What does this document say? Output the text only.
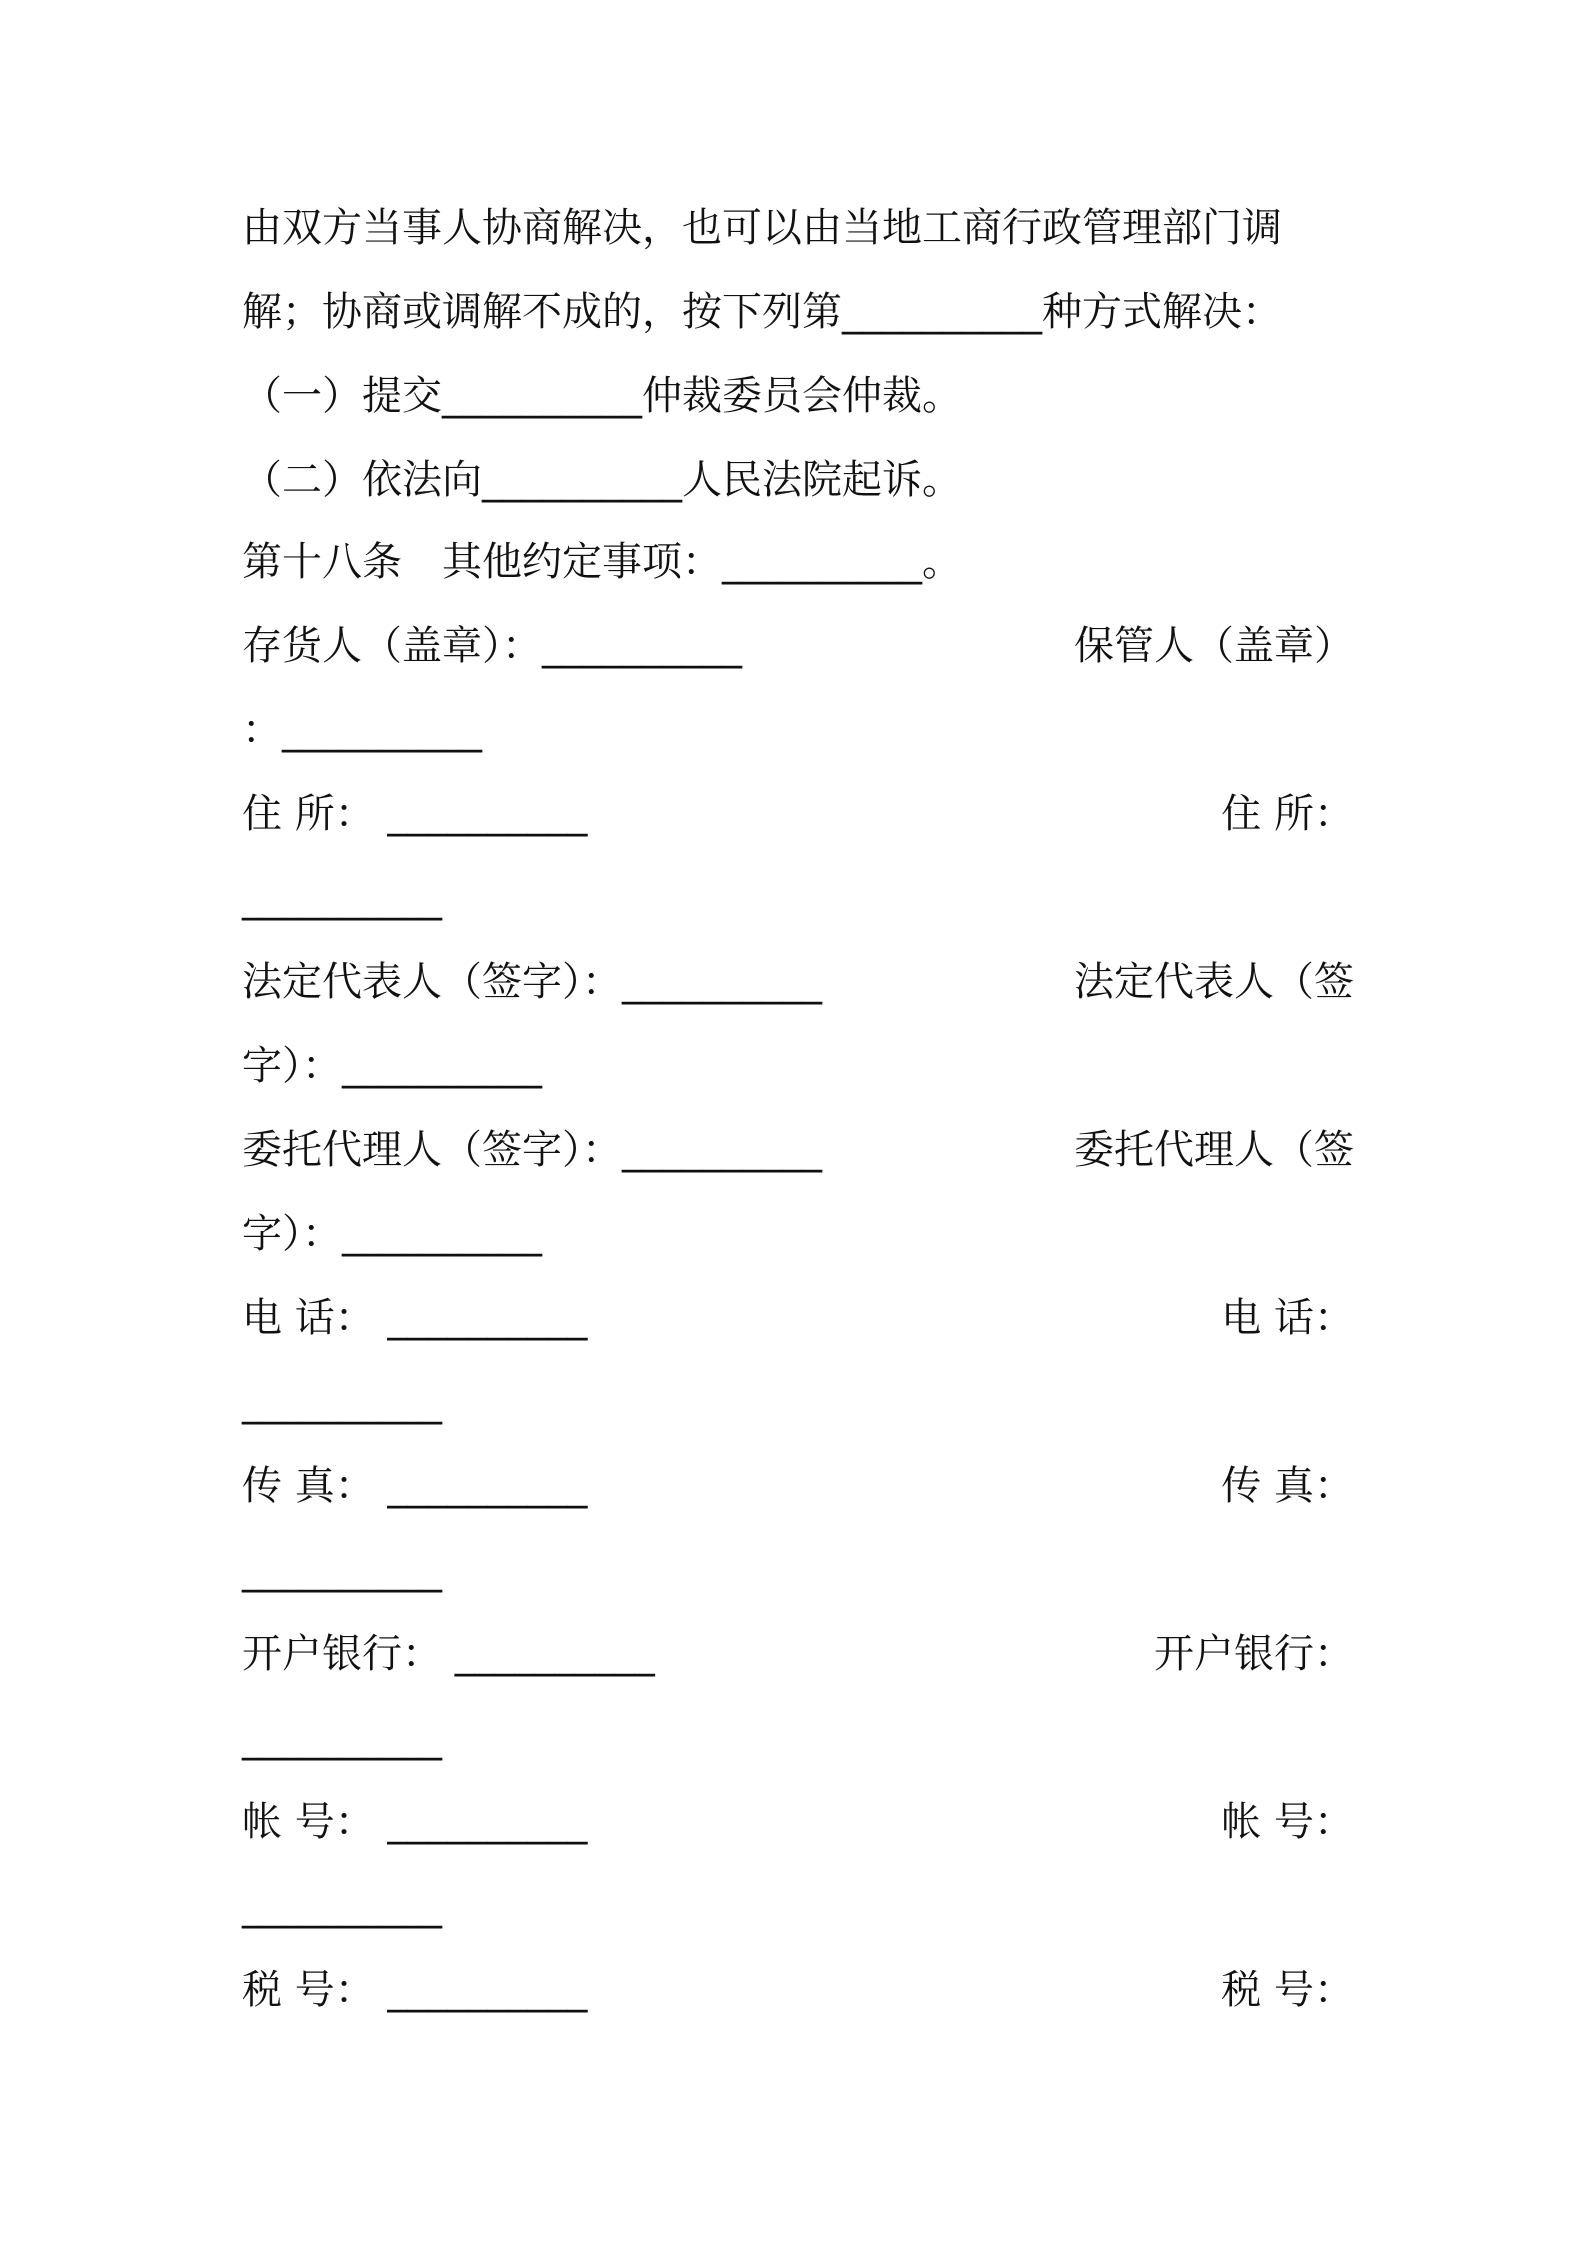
由双方当事人协商解决，也可以由当地工商行政管理部门调

解；协商或调解不成的，按下列第__________种方式解决：

（一）提交__________仲裁委员会仲裁。

（二）依法向__________人民法院起诉。

第十八条　其他约定事项：__________。

存货人（盖章）：__________	保管人（盖章）

：__________

住 所： __________	住 所：

__________

法定代表人（签字）：__________	法定代表人（签

字）：__________

委托代理人（签字）：__________	委托代理人（签

字）：__________

电 话： __________	电 话：

__________

传 真： __________	传 真：

__________

开户银行： __________	开户银行：

__________

帐 号： __________	帐 号：

__________

税 号： __________	税 号：
